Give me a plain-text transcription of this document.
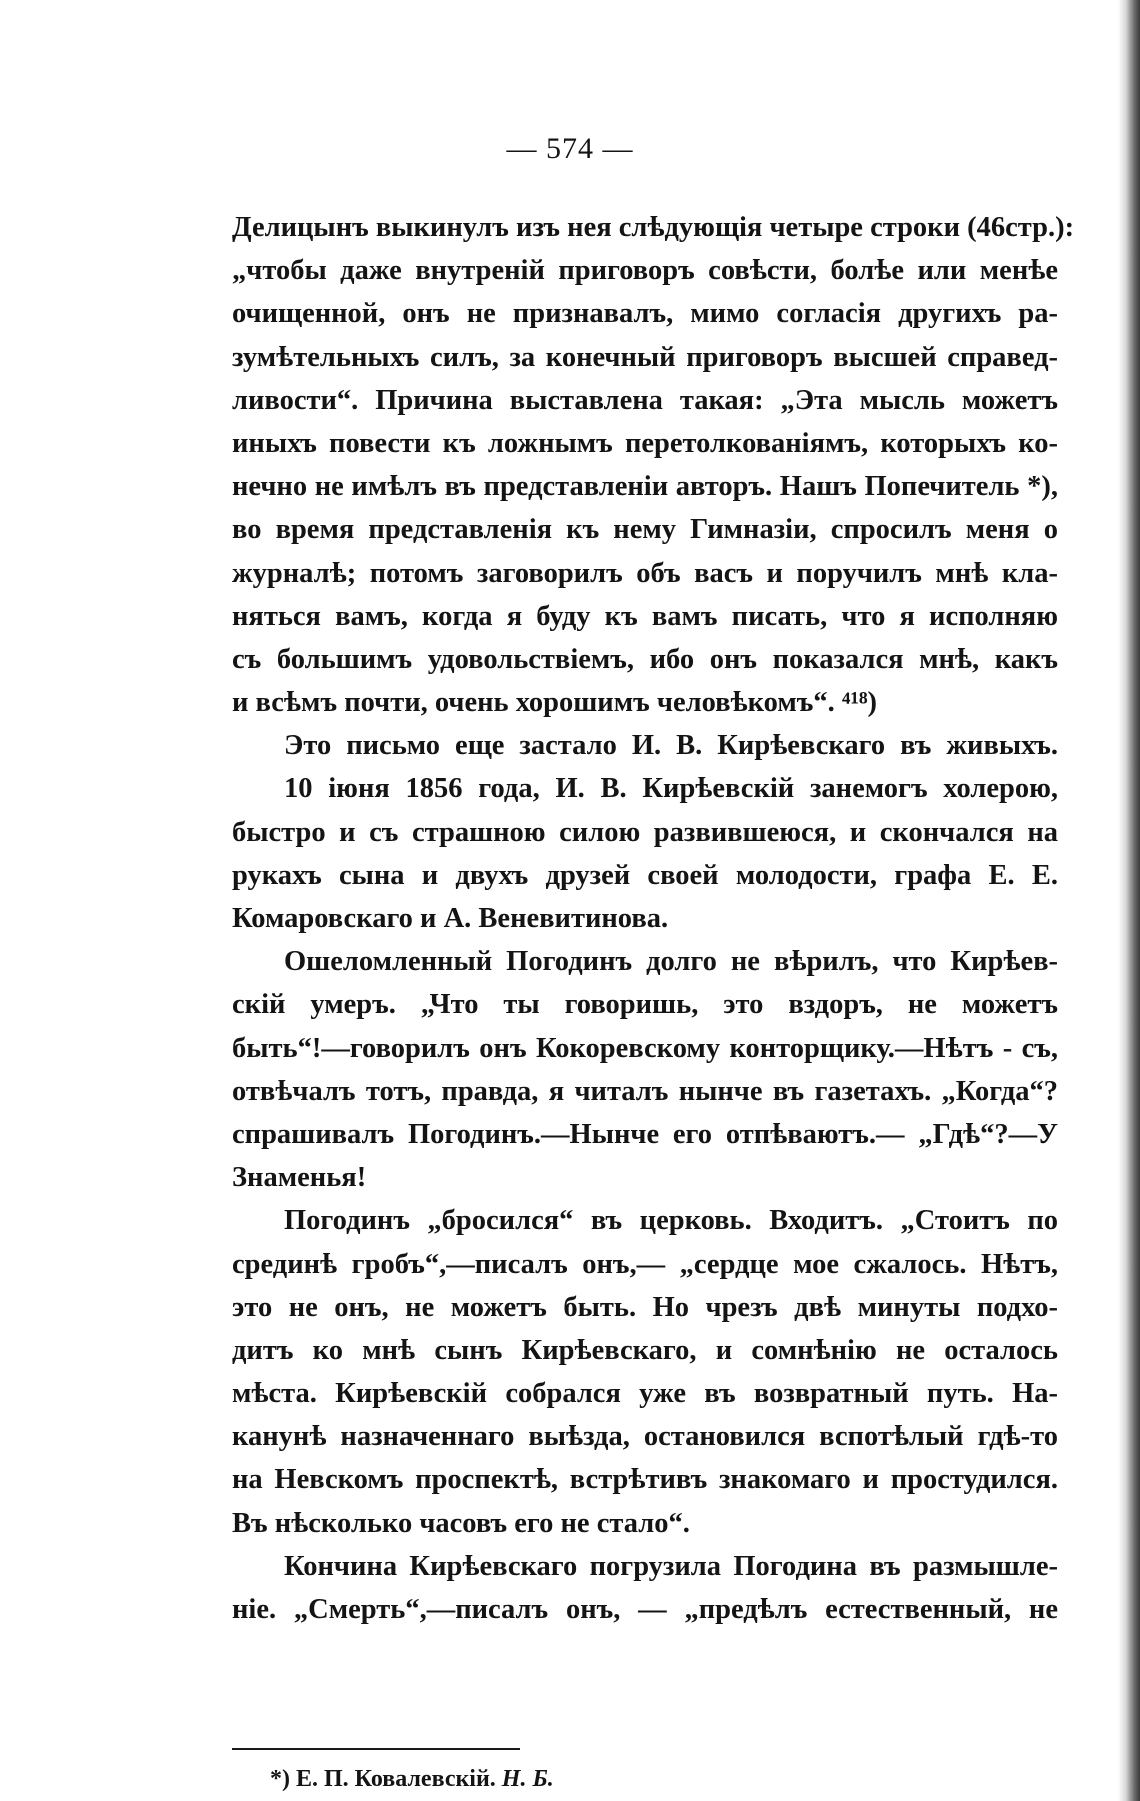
— 574 —
Делицынъ выкинулъ изъ нея слѣдующія четыре строки (46стр.):
„чтобы даже внутреній приговоръ совѣсти, болѣе или менѣе
очищенной, онъ не признавалъ, мимо согласія другихъ ра-
зумѣтельныхъ силъ, за конечный приговоръ высшей справед-
ливости“. Причина выставлена такая: „Эта мысль можетъ
иныхъ повести къ ложнымъ перетолкованіямъ, которыхъ ко-
нечно не имѣлъ въ представленіи авторъ. Нашъ Попечитель *),
во время представленія къ нему Гимназіи, спросилъ меня о
журналѣ; потомъ заговорилъ объ васъ и поручилъ мнѣ кла-
няться вамъ, когда я буду къ вамъ писать, что я исполняю
съ большимъ удовольствіемъ, ибо онъ показался мнѣ, какъ
и всѣмъ почти, очень хорошимъ человѣкомъ“. ⁴¹⁸)
Это письмо еще застало И. В. Кирѣевскаго въ живыхъ.
10 іюня 1856 года, И. В. Кирѣевскій занемогъ холерою,
быстро и съ страшною силою развившеюся, и скончался на
рукахъ сына и двухъ друзей своей молодости, графа Е. Е.
Комаровскаго и А. Веневитинова.
Ошеломленный Погодинъ долго не вѣрилъ, что Кирѣев-
скій умеръ. „Что ты говоришь, это вздоръ, не можетъ
быть“!—говорилъ онъ Кокоревскому конторщику.—Нѣтъ - съ,
отвѣчалъ тотъ, правда, я читалъ нынче въ газетахъ. „Когда“?
спрашивалъ Погодинъ.—Нынче его отпѣваютъ.— „Гдѣ“?—У
Знаменья!
Погодинъ „бросился“ въ церковь. Входитъ. „Стоитъ по
срединѣ гробъ“,—писалъ онъ,— „сердце мое сжалось. Нѣтъ,
это не онъ, не можетъ быть. Но чрезъ двѣ минуты подхо-
дитъ ко мнѣ сынъ Кирѣевскаго, и сомнѣнію не осталось
мѣста. Кирѣевскій собрался уже въ возвратный путь. На-
канунѣ назначеннаго выѣзда, остановился вспотѣлый гдѣ-то
на Невскомъ проспектѣ, встрѣтивъ знакомаго и простудился.
Въ нѣсколько часовъ его не стало“.
Кончина Кирѣевскаго погрузила Погодина въ размышле-
ніе. „Смерть“,—писалъ онъ, — „предѣлъ естественный, не
*) Е. П. Ковалевскій. Н. Б.
